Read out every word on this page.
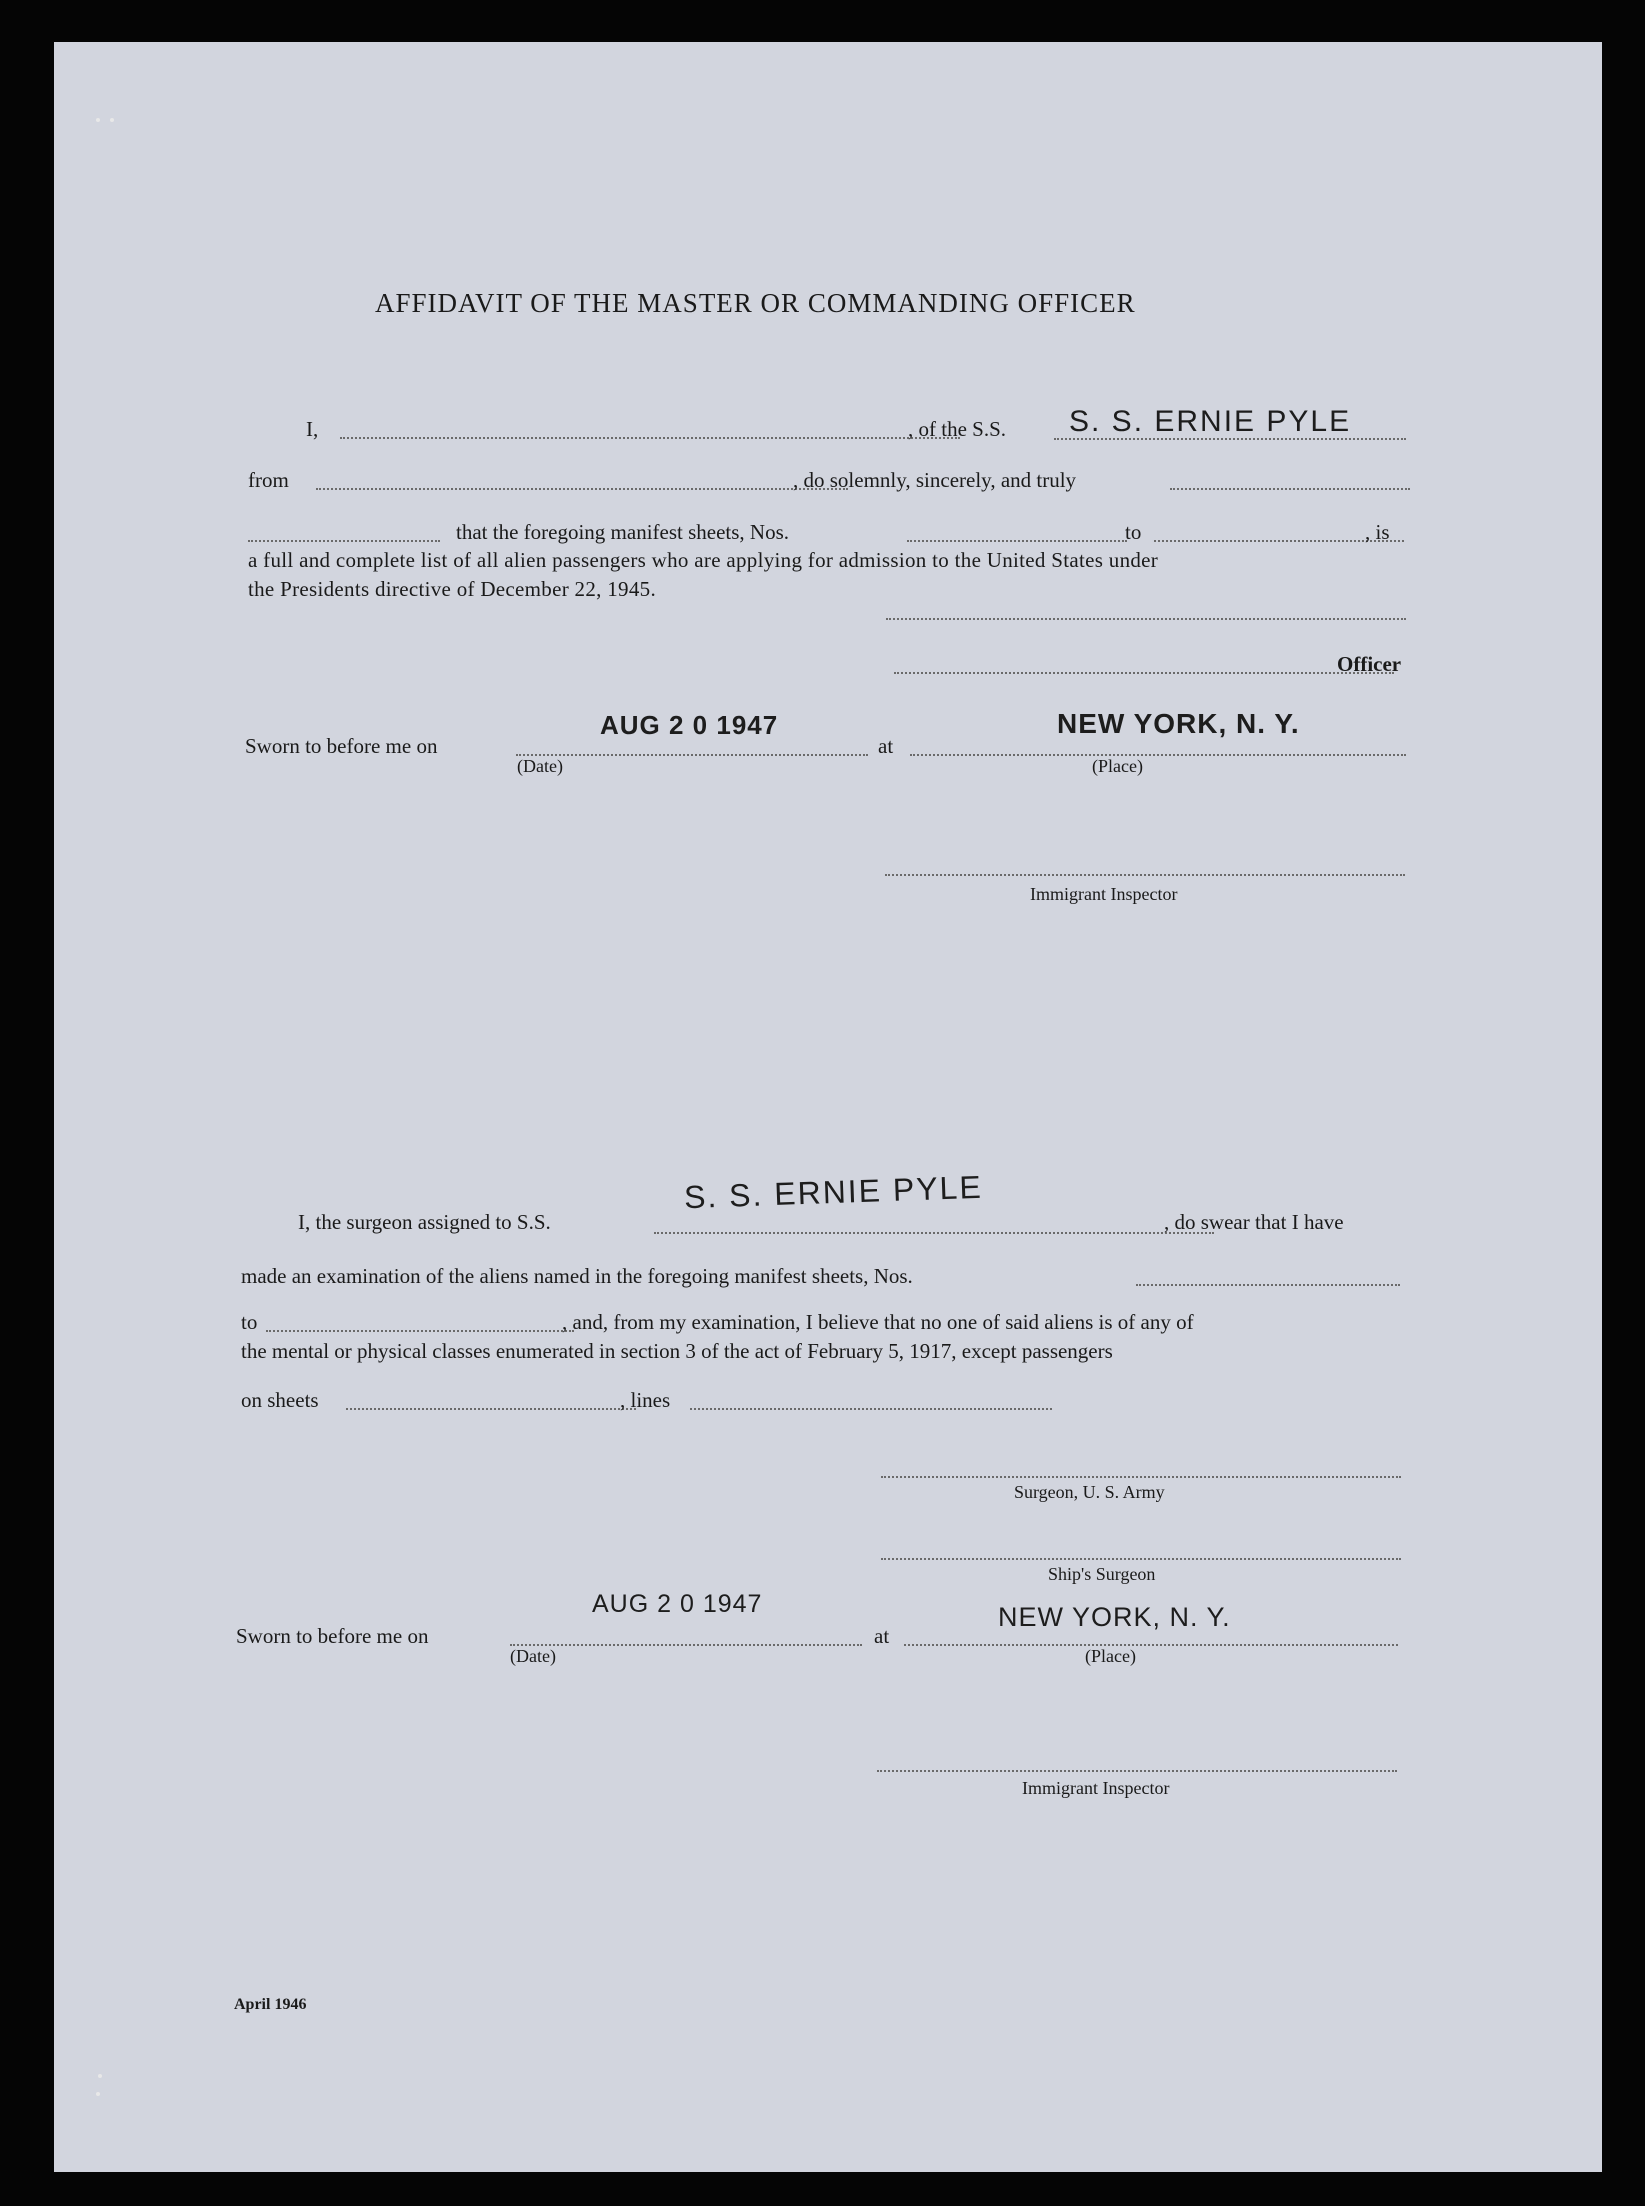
AFFIDAVIT OF THE MASTER OR COMMANDING OFFICER
I,	, of the S.S. S. S. ERNIE PYLE
from	, do solemnly, sincerely, and truly
that the foregoing manifest sheets, Nos.	to	, is
a full and complete list of all alien passengers who are applying for admission to the United States under
the Presidents directive of December 22, 1945.
Officer
Sworn to before me on
AUG 2 0 1947
(Date)
at
NEW YORK, N. Y.
(Place)
Immigrant Inspector
S. S. ERNIE PYLE
I, the surgeon assigned to S.S.	, do swear that I have
made an examination of the aliens named in the foregoing manifest sheets, Nos.
to	, and, from my examination, I believe that no one of said aliens is of any of
the mental or physical classes enumerated in section 3 of the act of February 5, 1917, except passengers
on sheets	, lines
Surgeon, U. S. Army
Ship's Surgeon
Sworn to before me on
AUG 2 0 1947
(Date)
at
NEW YORK, N. Y.
(Place)
Immigrant Inspector
April 1946
